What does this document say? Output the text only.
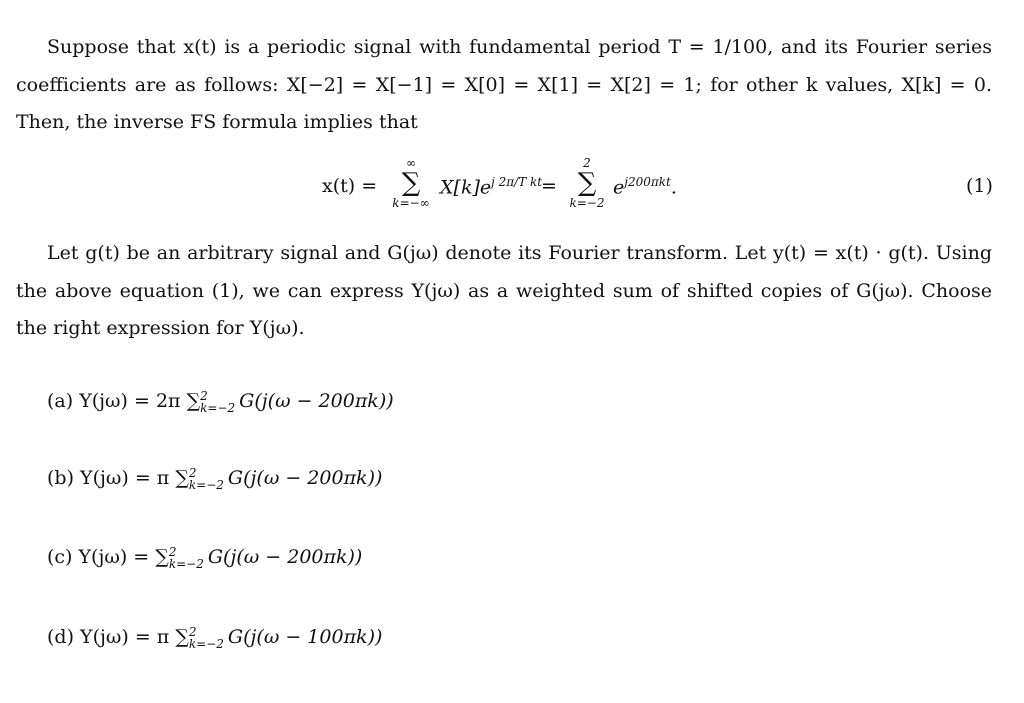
Suppose that x(t) is a periodic signal with fundamental period T = 1/100, and its Fourier series coefficients are as follows: X[−2] = X[−1] = X[0] = X[1] = X[2] = 1; for other k values, X[k] = 0. Then, the inverse FS formula implies that
x(t) =
∞
∑
k=−∞
$X[k]e^{j 2\pi/T kt}$
=
2
∑
k=−2
$e^{j200\pi kt}$.	(1)
Let g(t) be an arbitrary signal and G(jω) denote its Fourier transform. Let y(t) = x(t) · g(t). Using the above equation (1), we can express Y(jω) as a weighted sum of shifted copies of G(jω). Choose the right expression for Y(jω).
(a) Y(jω) = 2π ∑ 2
k=−2 G(j(ω − 200πk))
(b) Y(jω) = π ∑ 2
k=−2 G(j(ω − 200πk))
(c) Y(jω) = ∑ 2
k=−2 G(j(ω − 200πk))
(d) Y(jω) = π ∑ 2
k=−2 G(j(ω − 100πk))
